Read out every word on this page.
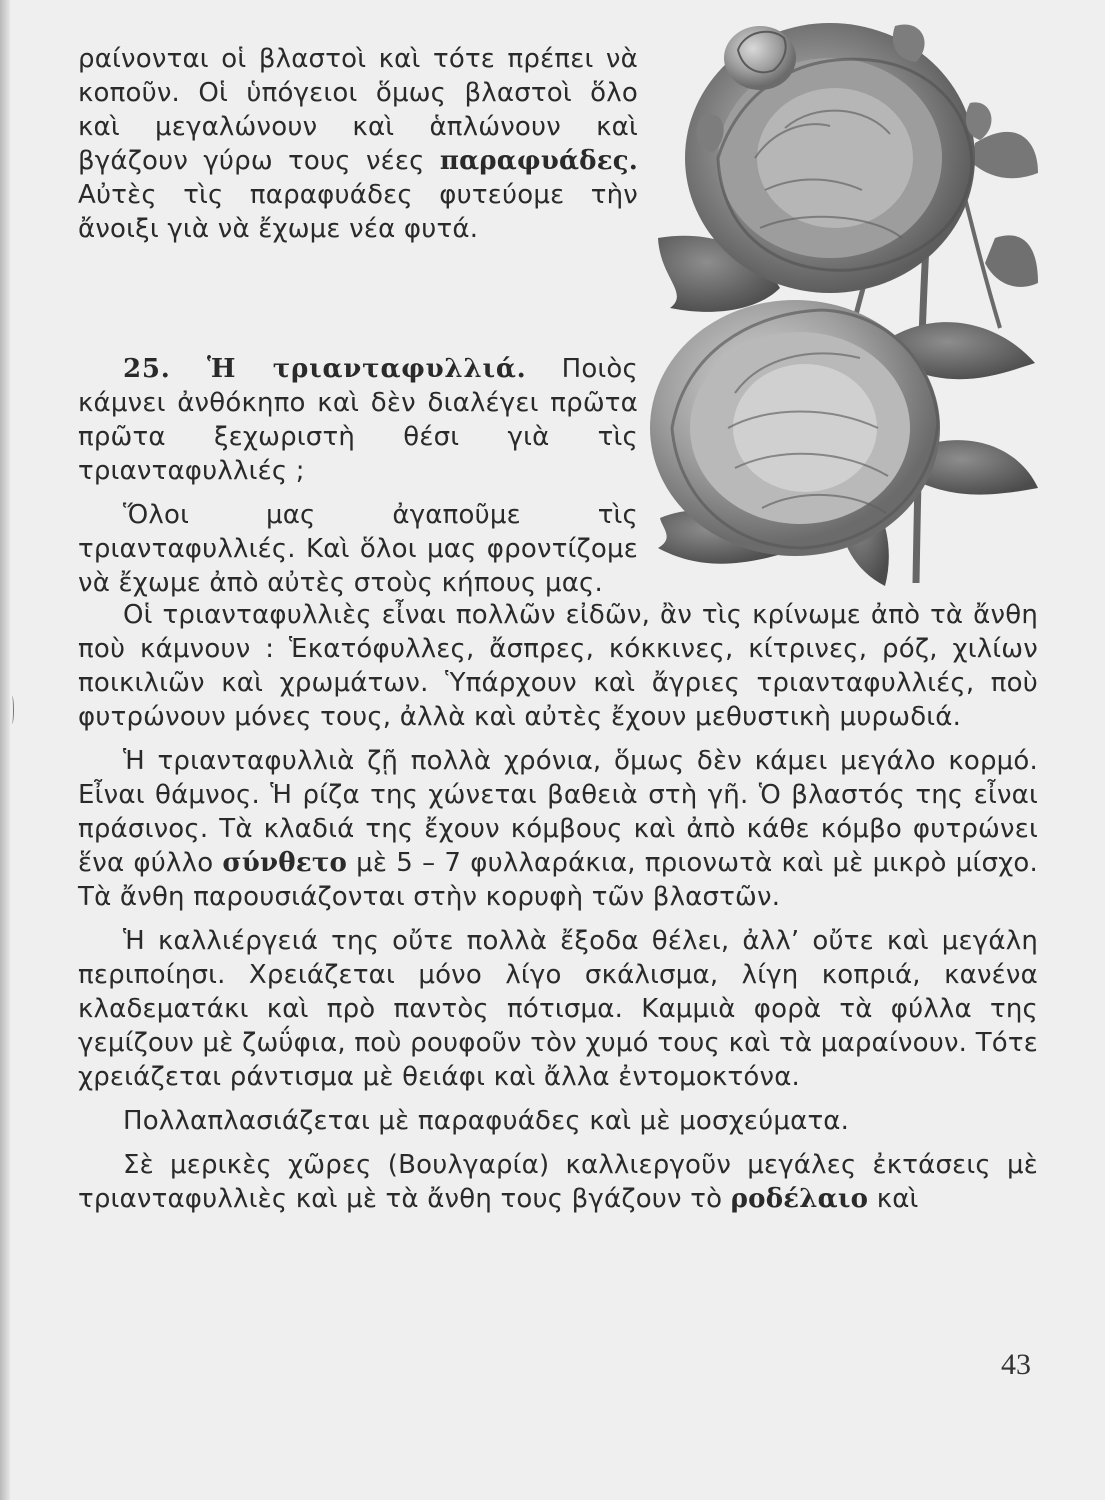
ραίνονται οἱ βλαστοὶ καὶ τότε πρέπει νὰ κοποῦν. Οἱ ὑπόγειοι ὅμως βλαστοὶ ὅλο καὶ μεγαλώνουν καὶ ἁπλώνουν καὶ βγάζουν γύρω τους νέες παραφυάδες. Αὐτὲς τὶς παραφυάδες φυτεύομε τὴν ἄνοιξι γιὰ νὰ ἔχωμε νέα φυτά.

25. Ἡ τριανταφυλλιά. Ποιὸς κάμνει ἀνθόκηπο καὶ δὲν διαλέγει πρῶτα πρῶτα ξεχωριστὴ θέσι γιὰ τὶς τριανταφυλλιές ;

Ὅλοι μας ἀγαποῦμε τὶς τριανταφυλλιές. Καὶ ὅλοι μας φροντίζομε νὰ ἔχωμε ἀπὸ αὐτὲς στοὺς κήπους μας.

Οἱ τριανταφυλλιὲς εἶναι πολλῶν εἰδῶν, ἂν τὶς κρίνωμε ἀπὸ τὰ ἄνθη ποὺ κάμνουν : Ἑκατόφυλλες, ἄσπρες, κόκκινες, κίτρινες, ρόζ, χιλίων ποικιλιῶν καὶ χρωμάτων. Ὑπάρχουν καὶ ἄγριες τριανταφυλλιές, ποὺ φυτρώνουν μόνες τους, ἀλλὰ καὶ αὐτὲς ἔχουν μεθυστικὴ μυρωδιά.

Ἡ τριανταφυλλιὰ ζῇ πολλὰ χρόνια, ὅμως δὲν κάμει μεγάλο κορμό. Εἶναι θάμνος. Ἡ ρίζα της χώνεται βαθειὰ στὴ γῆ. Ὁ βλαστός της εἶναι πράσινος. Τὰ κλαδιά της ἔχουν κόμβους καὶ ἀπὸ κάθε κόμβο φυτρώνει ἕνα φύλλο σύνθετο μὲ 5 – 7 φυλλαράκια, πριονωτὰ καὶ μὲ μικρὸ μίσχο. Τὰ ἄνθη παρουσιάζονται στὴν κορυφὴ τῶν βλαστῶν.

Ἡ καλλιέργειά της οὔτε πολλὰ ἔξοδα θέλει, ἀλλ’ οὔτε καὶ μεγάλη περιποίησι. Χρειάζεται μόνο λίγο σκάλισμα, λίγη κοπριά, κανένα κλαδεματάκι καὶ πρὸ παντὸς πότισμα. Καμμιὰ φορὰ τὰ φύλλα της γεμίζουν μὲ ζωΰφια, ποὺ ρουφοῦν τὸν χυμό τους καὶ τὰ μαραίνουν. Τότε χρειάζεται ράντισμα μὲ θειάφι καὶ ἄλλα ἐντομοκτόνα.

Πολλαπλασιάζεται μὲ παραφυάδες καὶ μὲ μοσχεύματα.

Σὲ μερικὲς χῶρες (Βουλγαρία) καλλιεργοῦν μεγάλες ἐκτάσεις μὲ τριανταφυλλιὲς καὶ μὲ τὰ ἄνθη τους βγάζουν τὸ ροδέλαιο καὶ

43
